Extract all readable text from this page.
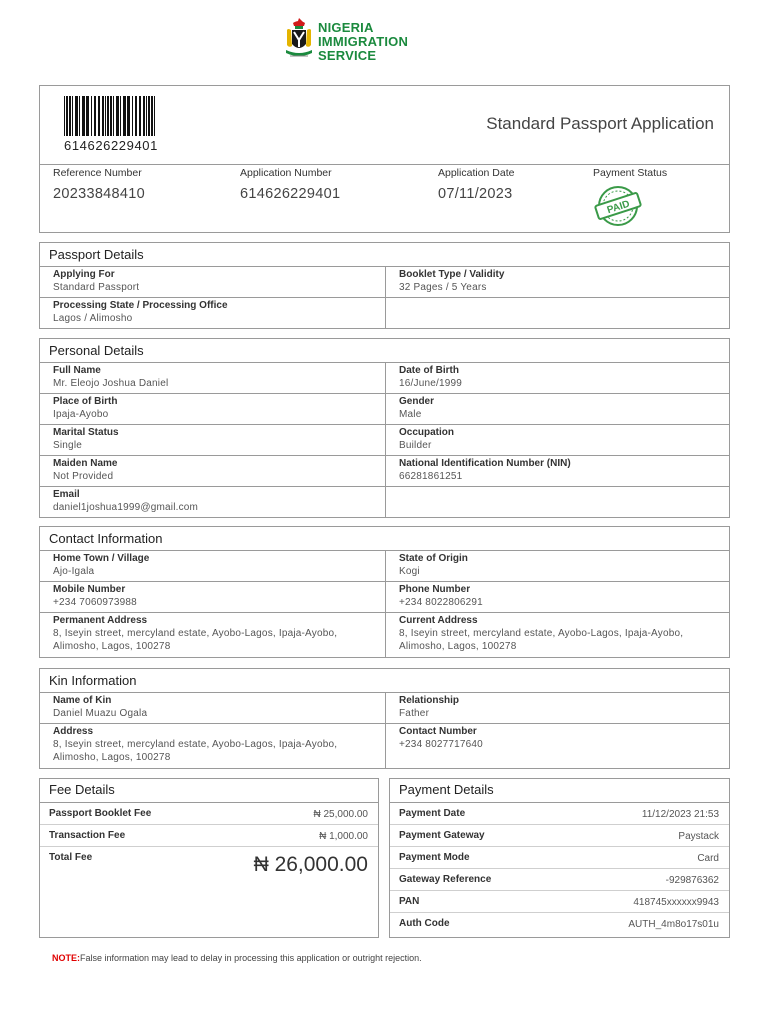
NIGERIA
IMMIGRATION
SERVICE
614626229401
Standard Passport Application
Reference Number
20233848410
Application Number
614626229401
Application Date
07/11/2023
Payment Status
PAID
Passport Details
Applying For
Standard Passport
Booklet Type / Validity
32 Pages / 5 Years
Processing State / Processing Office
Lagos / Alimosho
Personal Details
Full Name
Mr. Eleojo Joshua Daniel
Date of Birth
16/June/1999
Place of Birth
Ipaja-Ayobo
Gender
Male
Marital Status
Single
Occupation
Builder
Maiden Name
Not Provided
National Identification Number (NIN)
66281861251
Email
daniel1joshua1999@gmail.com
Contact Information
Home Town / Village
Ajo-Igala
State of Origin
Kogi
Mobile Number
+234 7060973988
Phone Number
+234 8022806291
Permanent Address
8, Iseyin street, mercyland estate, Ayobo-Lagos, Ipaja-Ayobo,
Alimosho, Lagos, 100278
Current Address
8, Iseyin street, mercyland estate, Ayobo-Lagos, Ipaja-Ayobo,
Alimosho, Lagos, 100278
Kin Information
Name of Kin
Daniel Muazu Ogala
Relationship
Father
Address
8, Iseyin street, mercyland estate, Ayobo-Lagos, Ipaja-Ayobo,
Alimosho, Lagos, 100278
Contact Number
+234 8027717640
Fee Details
Passport Booklet Fee	₦ 25,000.00
Transaction Fee	₦ 1,000.00
Total Fee	₦ 26,000.00
Payment Details
Payment Date	11/12/2023 21:53
Payment Gateway	Paystack
Payment Mode	Card
Gateway Reference	-929876362
PAN	418745xxxxxx9943
Auth Code	AUTH_4m8o17s01u
NOTE:False information may lead to delay in processing this application or outright rejection.
